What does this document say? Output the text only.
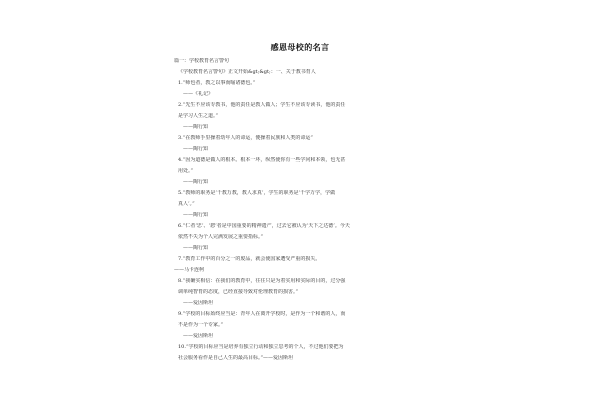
感恩母校的名言
篇一：学校教育名言警句
《学校教育名言警句》正文开始&gt;&gt;：一、关于教书育人
1.“师也者，教之以事而喻诸德也。”
——《礼记》
2.“先生不应该专教书，他的责任是教人做人；学生不应该专读书，他的责任
是学习人生之道。”
——陶行知
3.“在教师手里操着幼年人的命运，便操着民族和人类的命运”
——陶行知
4.“因为道德是做人的根本。根本一坏，纵然使你有一些学问和本领，也无甚
用处。”
——陶行知
5.“教师的职务是‘千教万教，教人求真’，学生的职务是‘千学万学，学做
真人’。”
——陶行知
6.“仁者‘忠’、‘恕’者是中国重要的精神遗产，过去它被认为‘天下之达德’。今天
依然不失为个人完满发展之重要指标。”
——陶行知
7.“教育工作中的百分之一的废品，就会使国家遭受严重的损失。
——马卡连柯
8.“我确实相信：在我们的教育中，往往只是为着实用和实际的目的，过分强
调单纯智育的态度，已经直接导致对伦理教育的损害。”
——爱因斯坦
9.“学校的目标始终应当是：青年人在离开学校时，是作为一个和谐的人，而
不是作为一个专家。”
——爱因斯坦
10.“学校的目标应当是培养有独立行动和独立思考的个人，不过他们要把为
社会服务看作是自己人生的最高目标。”——爱因斯坦
